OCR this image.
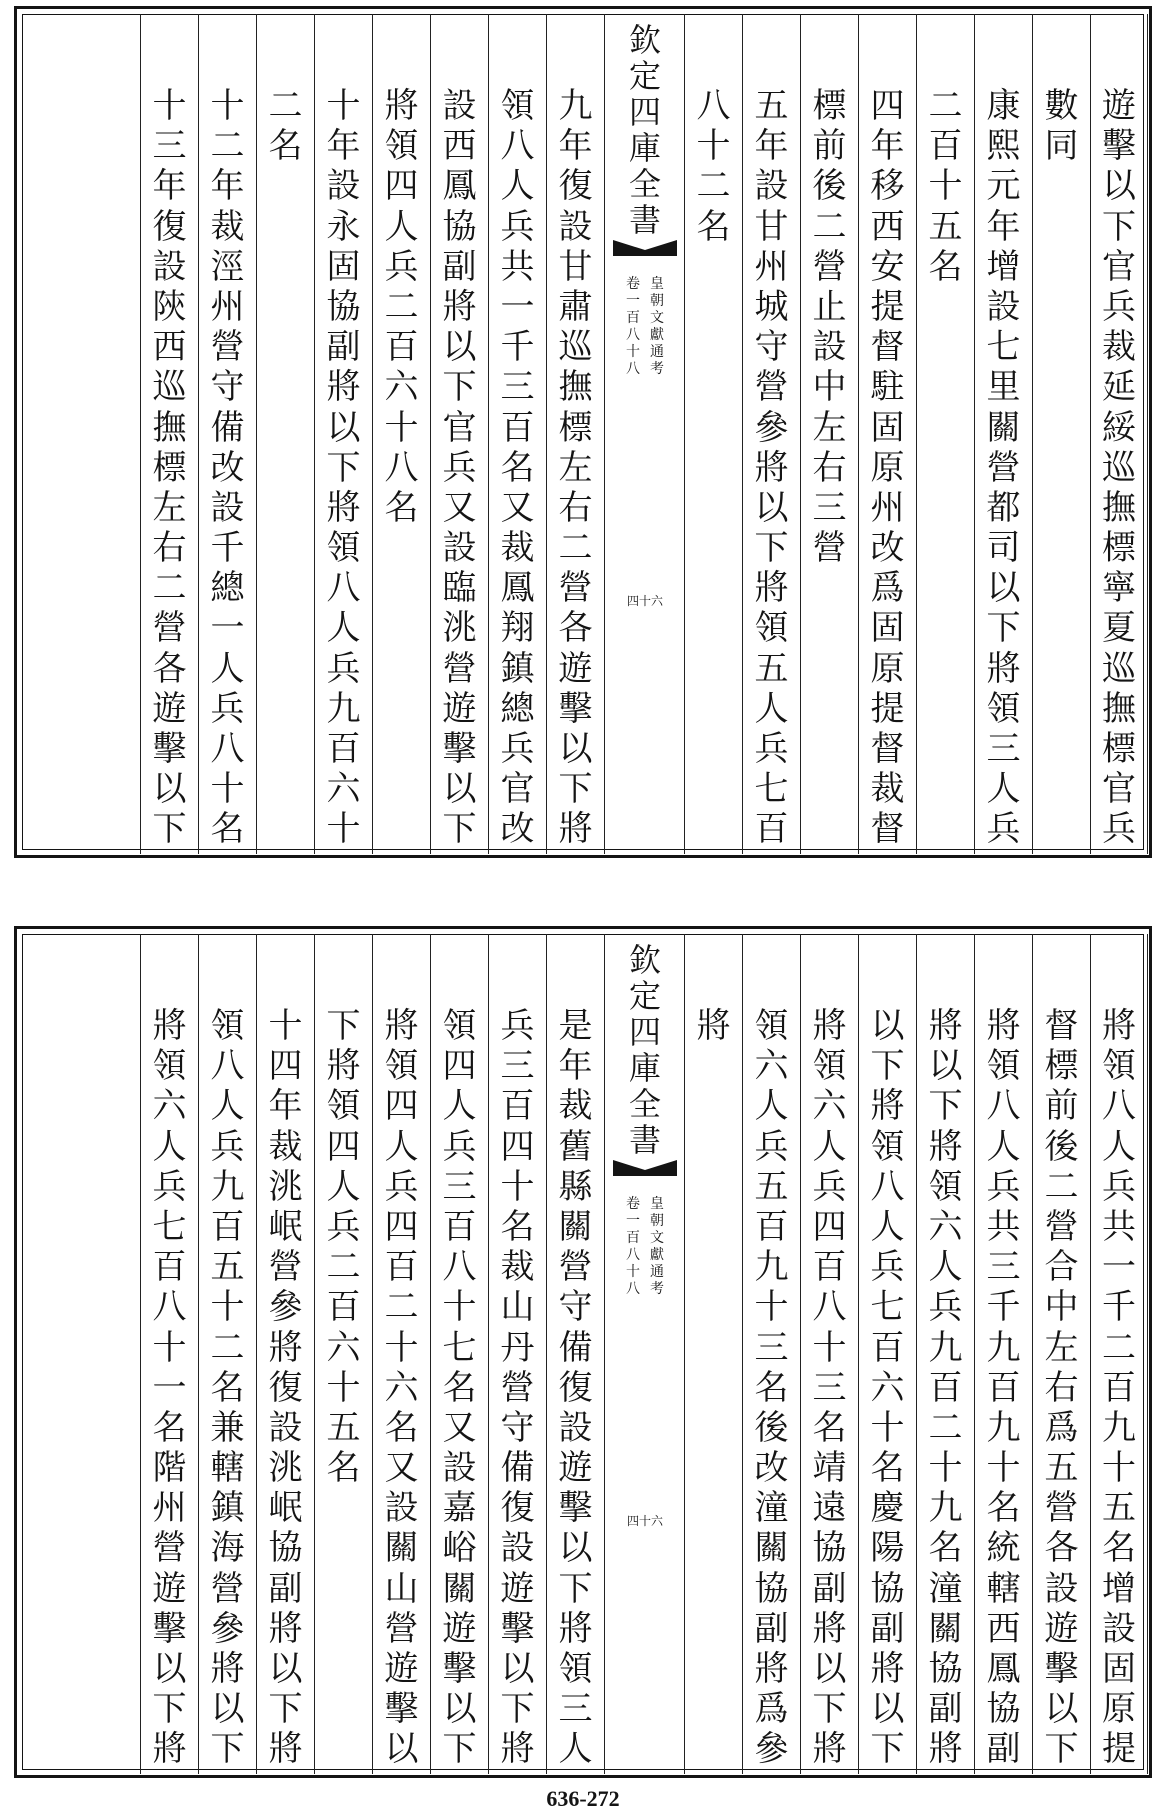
遊
擊
以
下
官
兵
裁
延
綏
巡
撫
標
寧
夏
巡
撫
標
官
兵
數
同
康
熙
元
年
增
設
七
里
關
營
都
司
以
下
將
領
三
人
兵
二
百
十
五
名
四
年
移
西
安
提
督
駐
固
原
州
改
爲
固
原
提
督
裁
督
標
前
後
二
營
止
設
中
左
右
三
營
五
年
設
甘
州
城
守
營
參
將
以
下
將
領
五
人
兵
七
百
八
十
二
名
欽
定
四
庫
全
書
卷
一
百
八
十
八
皇
朝
文
獻
通
考
四十六
九
年
復
設
甘
肅
巡
撫
標
左
右
二
營
各
遊
擊
以
下
將
領
八
人
兵
共
一
千
三
百
名
又
裁
鳳
翔
鎮
總
兵
官
改
設
西
鳳
協
副
將
以
下
官
兵
又
設
臨
洮
營
遊
擊
以
下
將
領
四
人
兵
二
百
六
十
八
名
十
年
設
永
固
協
副
將
以
下
將
領
八
人
兵
九
百
六
十
二
名
十
二
年
裁
涇
州
營
守
備
改
設
千
總
一
人
兵
八
十
名
十
三
年
復
設
陝
西
巡
撫
標
左
右
二
營
各
遊
擊
以
下
將
領
八
人
兵
共
一
千
二
百
九
十
五
名
增
設
固
原
提
督
標
前
後
二
營
合
中
左
右
爲
五
營
各
設
遊
擊
以
下
將
領
八
人
兵
共
三
千
九
百
九
十
名
統
轄
西
鳳
協
副
將
以
下
將
領
六
人
兵
九
百
二
十
九
名
潼
關
協
副
將
以
下
將
領
八
人
兵
七
百
六
十
名
慶
陽
協
副
將
以
下
將
領
六
人
兵
四
百
八
十
三
名
靖
遠
協
副
將
以
下
將
領
六
人
兵
五
百
九
十
三
名
後
改
潼
關
協
副
將
爲
參
將
欽
定
四
庫
全
書
卷
一
百
八
十
八
皇
朝
文
獻
通
考
四十六
是
年
裁
舊
縣
關
營
守
備
復
設
遊
擊
以
下
將
領
三
人
兵
三
百
四
十
名
裁
山
丹
營
守
備
復
設
遊
擊
以
下
將
領
四
人
兵
三
百
八
十
七
名
又
設
嘉
峪
關
遊
擊
以
下
將
領
四
人
兵
四
百
二
十
六
名
又
設
關
山
營
遊
擊
以
下
將
領
四
人
兵
二
百
六
十
五
名
十
四
年
裁
洮
岷
營
參
將
復
設
洮
岷
協
副
將
以
下
將
領
八
人
兵
九
百
五
十
二
名
兼
轄
鎮
海
營
參
將
以
下
將
領
六
人
兵
七
百
八
十
一
名
階
州
營
遊
擊
以
下
將
636-272
